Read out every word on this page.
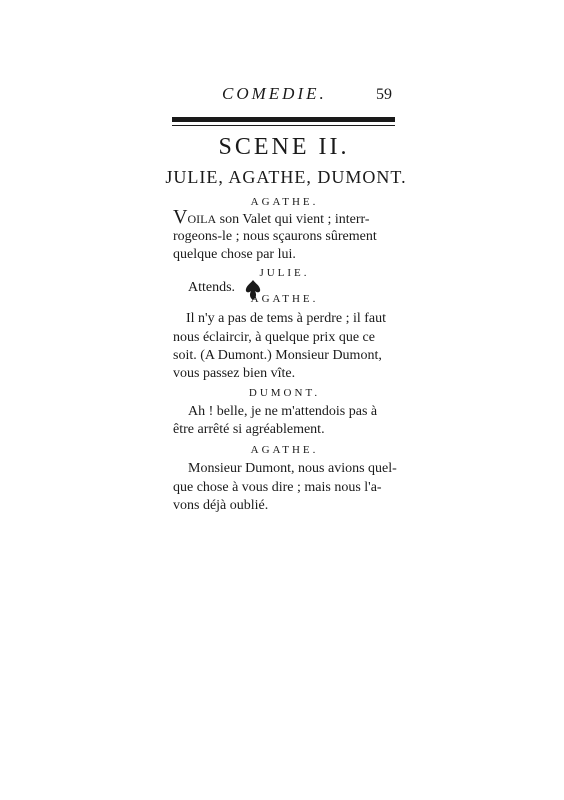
COMEDIE.	59
SCENE II.
JULIE, AGATHE, DUMONT.
AGATHE.
VOILA son Valet qui vient ; interr-
rogeons-le ; nous sçaurons sûrement
quelque chose par lui.
JULIE.
Attends.
AGATHE.
Il n'y a pas de tems à perdre ; il faut
nous éclaircir, à quelque prix que ce
soit. (A Dumont.) Monsieur Dumont,
vous passez bien vîte.
DUMONT.
Ah ! belle, je ne m'attendois pas à
être arrêté si agréablement.
AGATHE.
Monsieur Dumont, nous avions quel-
que chose à vous dire ; mais nous l'a-
vons déjà oublié.
